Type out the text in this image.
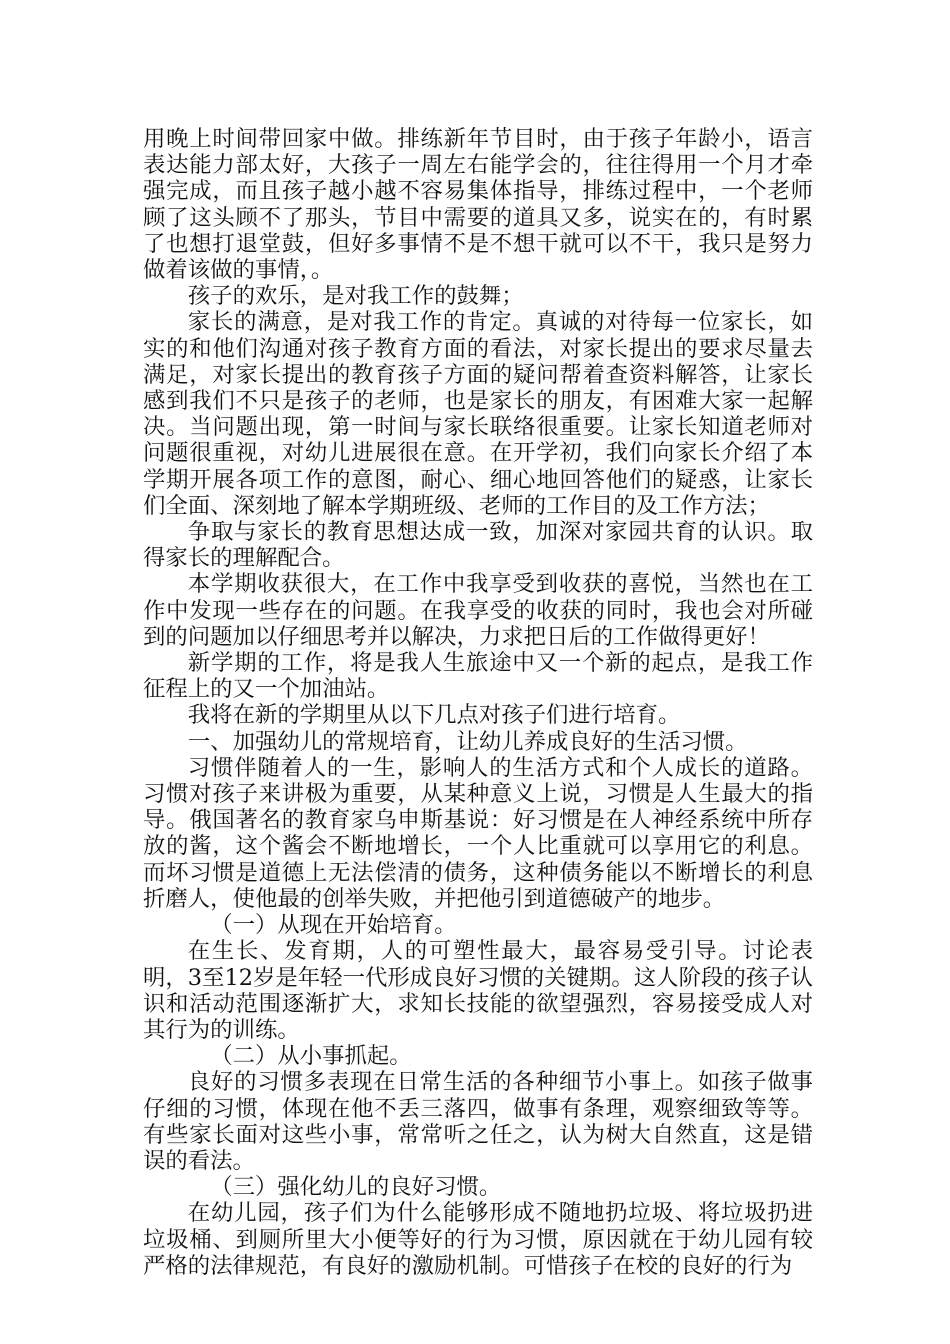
用晚上时间带回家中做。排练新年节目时，由于孩子年龄小，语言表达能力部太好，大孩子一周左右能学会的，往往得用一个月才牵强完成，而且孩子越小越不容易集体指导，排练过程中，一个老师顾了这头顾不了那头，节目中需要的道具又多，说实在的，有时累了也想打退堂鼓，但好多事情不是不想干就可以不干，我只是努力做着该做的事情，。

孩子的欢乐，是对我工作的鼓舞；

家长的满意，是对我工作的肯定。真诚的对待每一位家长，如实的和他们沟通对孩子教育方面的看法，对家长提出的要求尽量去满足，对家长提出的教育孩子方面的疑问帮着查资料解答，让家长感到我们不只是孩子的老师，也是家长的朋友，有困难大家一起解决。当问题出现，第一时间与家长联络很重要。让家长知道老师对问题很重视，对幼儿进展很在意。在开学初，我们向家长介绍了本学期开展各项工作的意图，耐心、细心地回答他们的疑惑，让家长们全面、深刻地了解本学期班级、老师的工作目的及工作方法；

争取与家长的教育思想达成一致，加深对家园共育的认识。取得家长的理解配合。

本学期收获很大，在工作中我享受到收获的喜悦，当然也在工作中发现一些存在的问题。在我享受的收获的同时，我也会对所碰到的问题加以仔细思考并以解决，力求把日后的工作做得更好！

新学期的工作，将是我人生旅途中又一个新的起点，是我工作征程上的又一个加油站。

我将在新的学期里从以下几点对孩子们进行培育。

一、加强幼儿的常规培育，让幼儿养成良好的生活习惯。

习惯伴随着人的一生，影响人的生活方式和个人成长的道路。习惯对孩子来讲极为重要，从某种意义上说，习惯是人生最大的指导。俄国著名的教育家乌申斯基说：好习惯是在人神经系统中所存放的酱，这个酱会不断地增长，一个人比重就可以享用它的利息。而坏习惯是道德上无法偿清的债务，这种债务能以不断增长的利息折磨人，使他最的创举失败，并把他引到道德破产的地步。

（一）从现在开始培育。

在生长、发育期，人的可塑性最大，最容易受引导。讨论表明，3至12岁是年轻一代形成良好习惯的关键期。这人阶段的孩子认识和活动范围逐渐扩大，求知长技能的欲望强烈，容易接受成人对其行为的训练。

（二）从小事抓起。

良好的习惯多表现在日常生活的各种细节小事上。如孩子做事仔细的习惯，体现在他不丢三落四，做事有条理，观察细致等等。有些家长面对这些小事，常常听之任之，认为树大自然直，这是错误的看法。

（三）强化幼儿的良好习惯。

在幼儿园，孩子们为什么能够形成不随地扔垃圾、将垃圾扔进垃圾桶、到厕所里大小便等好的行为习惯，原因就在于幼儿园有较严格的法律规范，有良好的激励机制。可惜孩子在校的良好的行为
